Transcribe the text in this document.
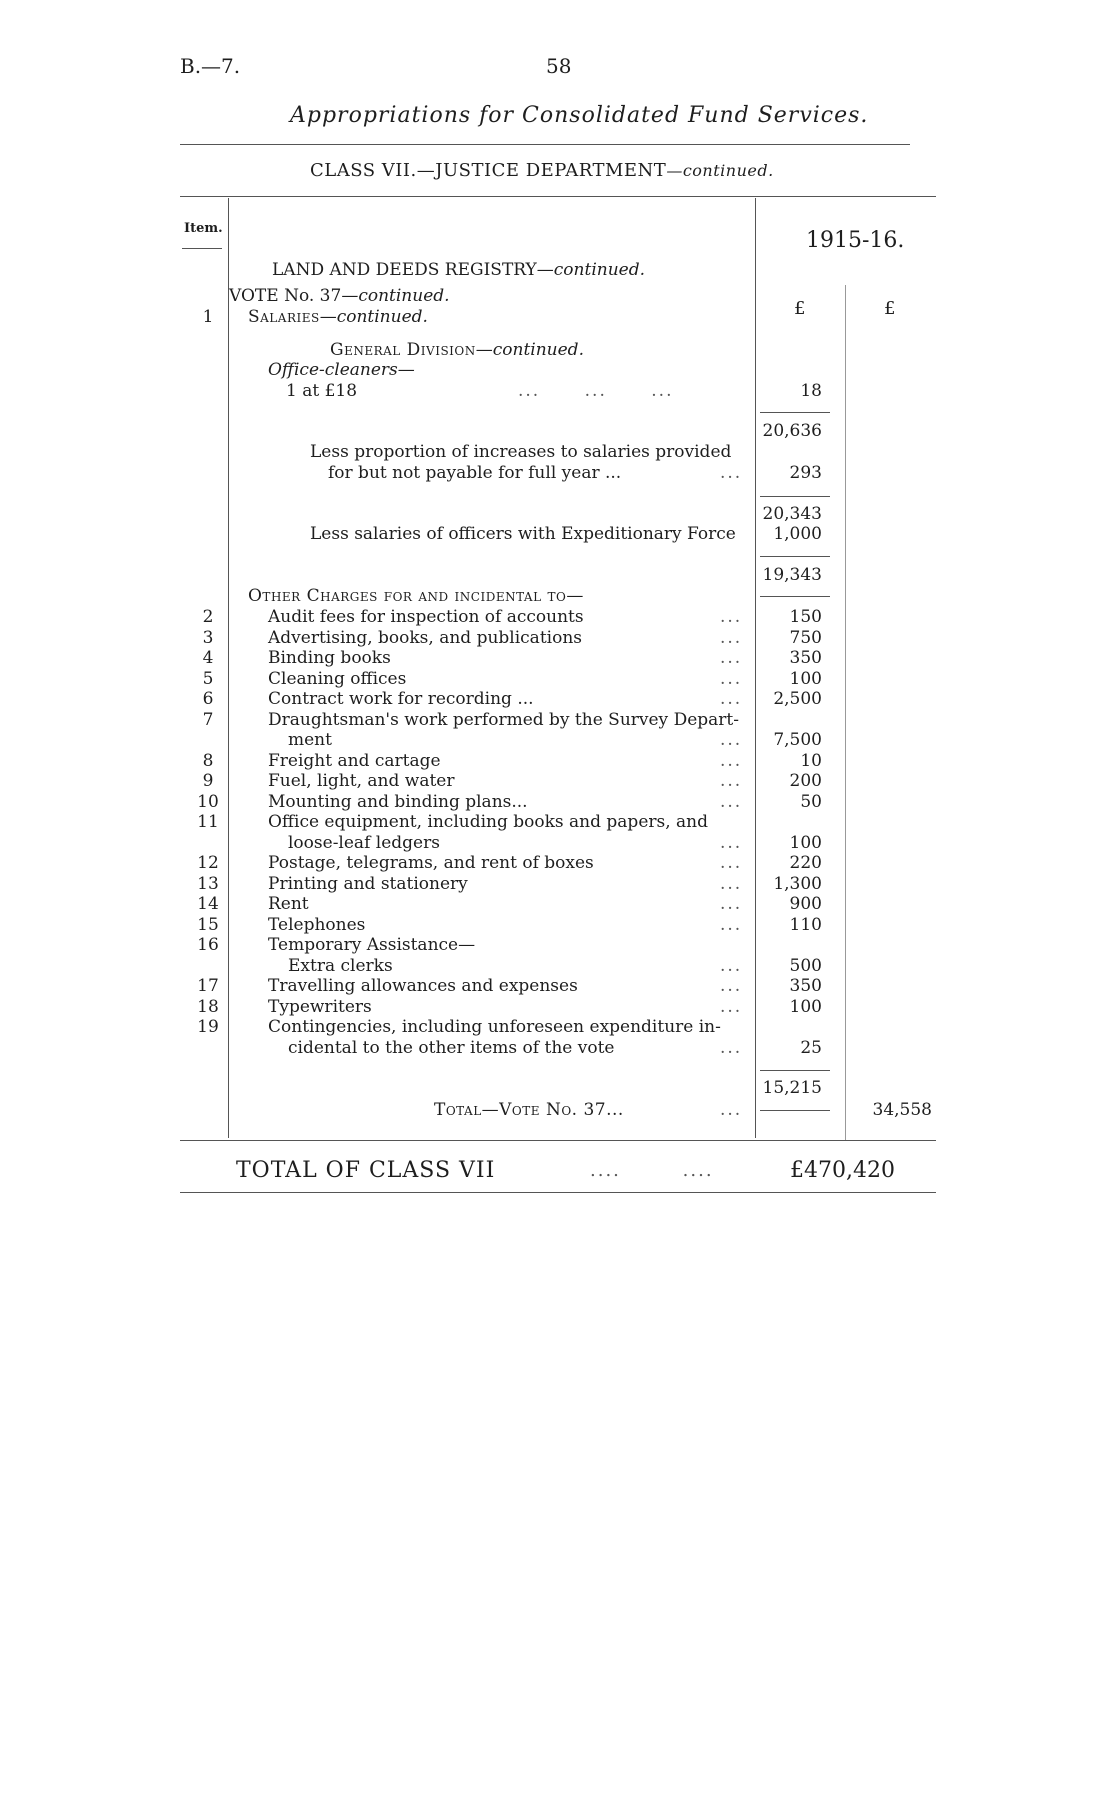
B.—7.	58
Appropriations for Consolidated Fund Services.
CLASS VII.—JUSTICE DEPARTMENT—continued.
Item.	1915-16.
LAND AND DEEDS REGISTRY—continued.
VOTE No. 37—continued.
1	Salaries—continued.	£	£
General Division—continued.
Office-cleaners—
1 at £18	...      ...      ...	18
20,636
Less proportion of increases to salaries provided
for but not payable for full year ...	...	293
20,343
Less salaries of officers with Expeditionary Force	1,000
19,343
Other Charges for and incidental to—
2	Audit fees for inspection of accounts	...	150
3	Advertising, books, and publications	...	750
4	Binding books	...	350
5	Cleaning offices	...	100
6	Contract work for recording ...	...	2,500
7	Draughtsman's work performed by the Survey Depart-
ment	...	7,500
8	Freight and cartage	...	10
9	Fuel, light, and water	...	200
10	Mounting and binding plans...	...	50
11	Office equipment, including books and papers, and
loose-leaf ledgers	...	100
12	Postage, telegrams, and rent of boxes	...	220
13	Printing and stationery	...	1,300
14	Rent	...	900
15	Telephones	...	110
16	Temporary Assistance—
Extra clerks	...	500
17	Travelling allowances and expenses	...	350
18	Typewriters	...	100
19	Contingencies, including unforeseen expenditure in-
cidental to the other items of the vote	...	25
15,215
Total—Vote No. 37...	...	34,558
TOTAL OF CLASS VII	....        ....	£470,420
